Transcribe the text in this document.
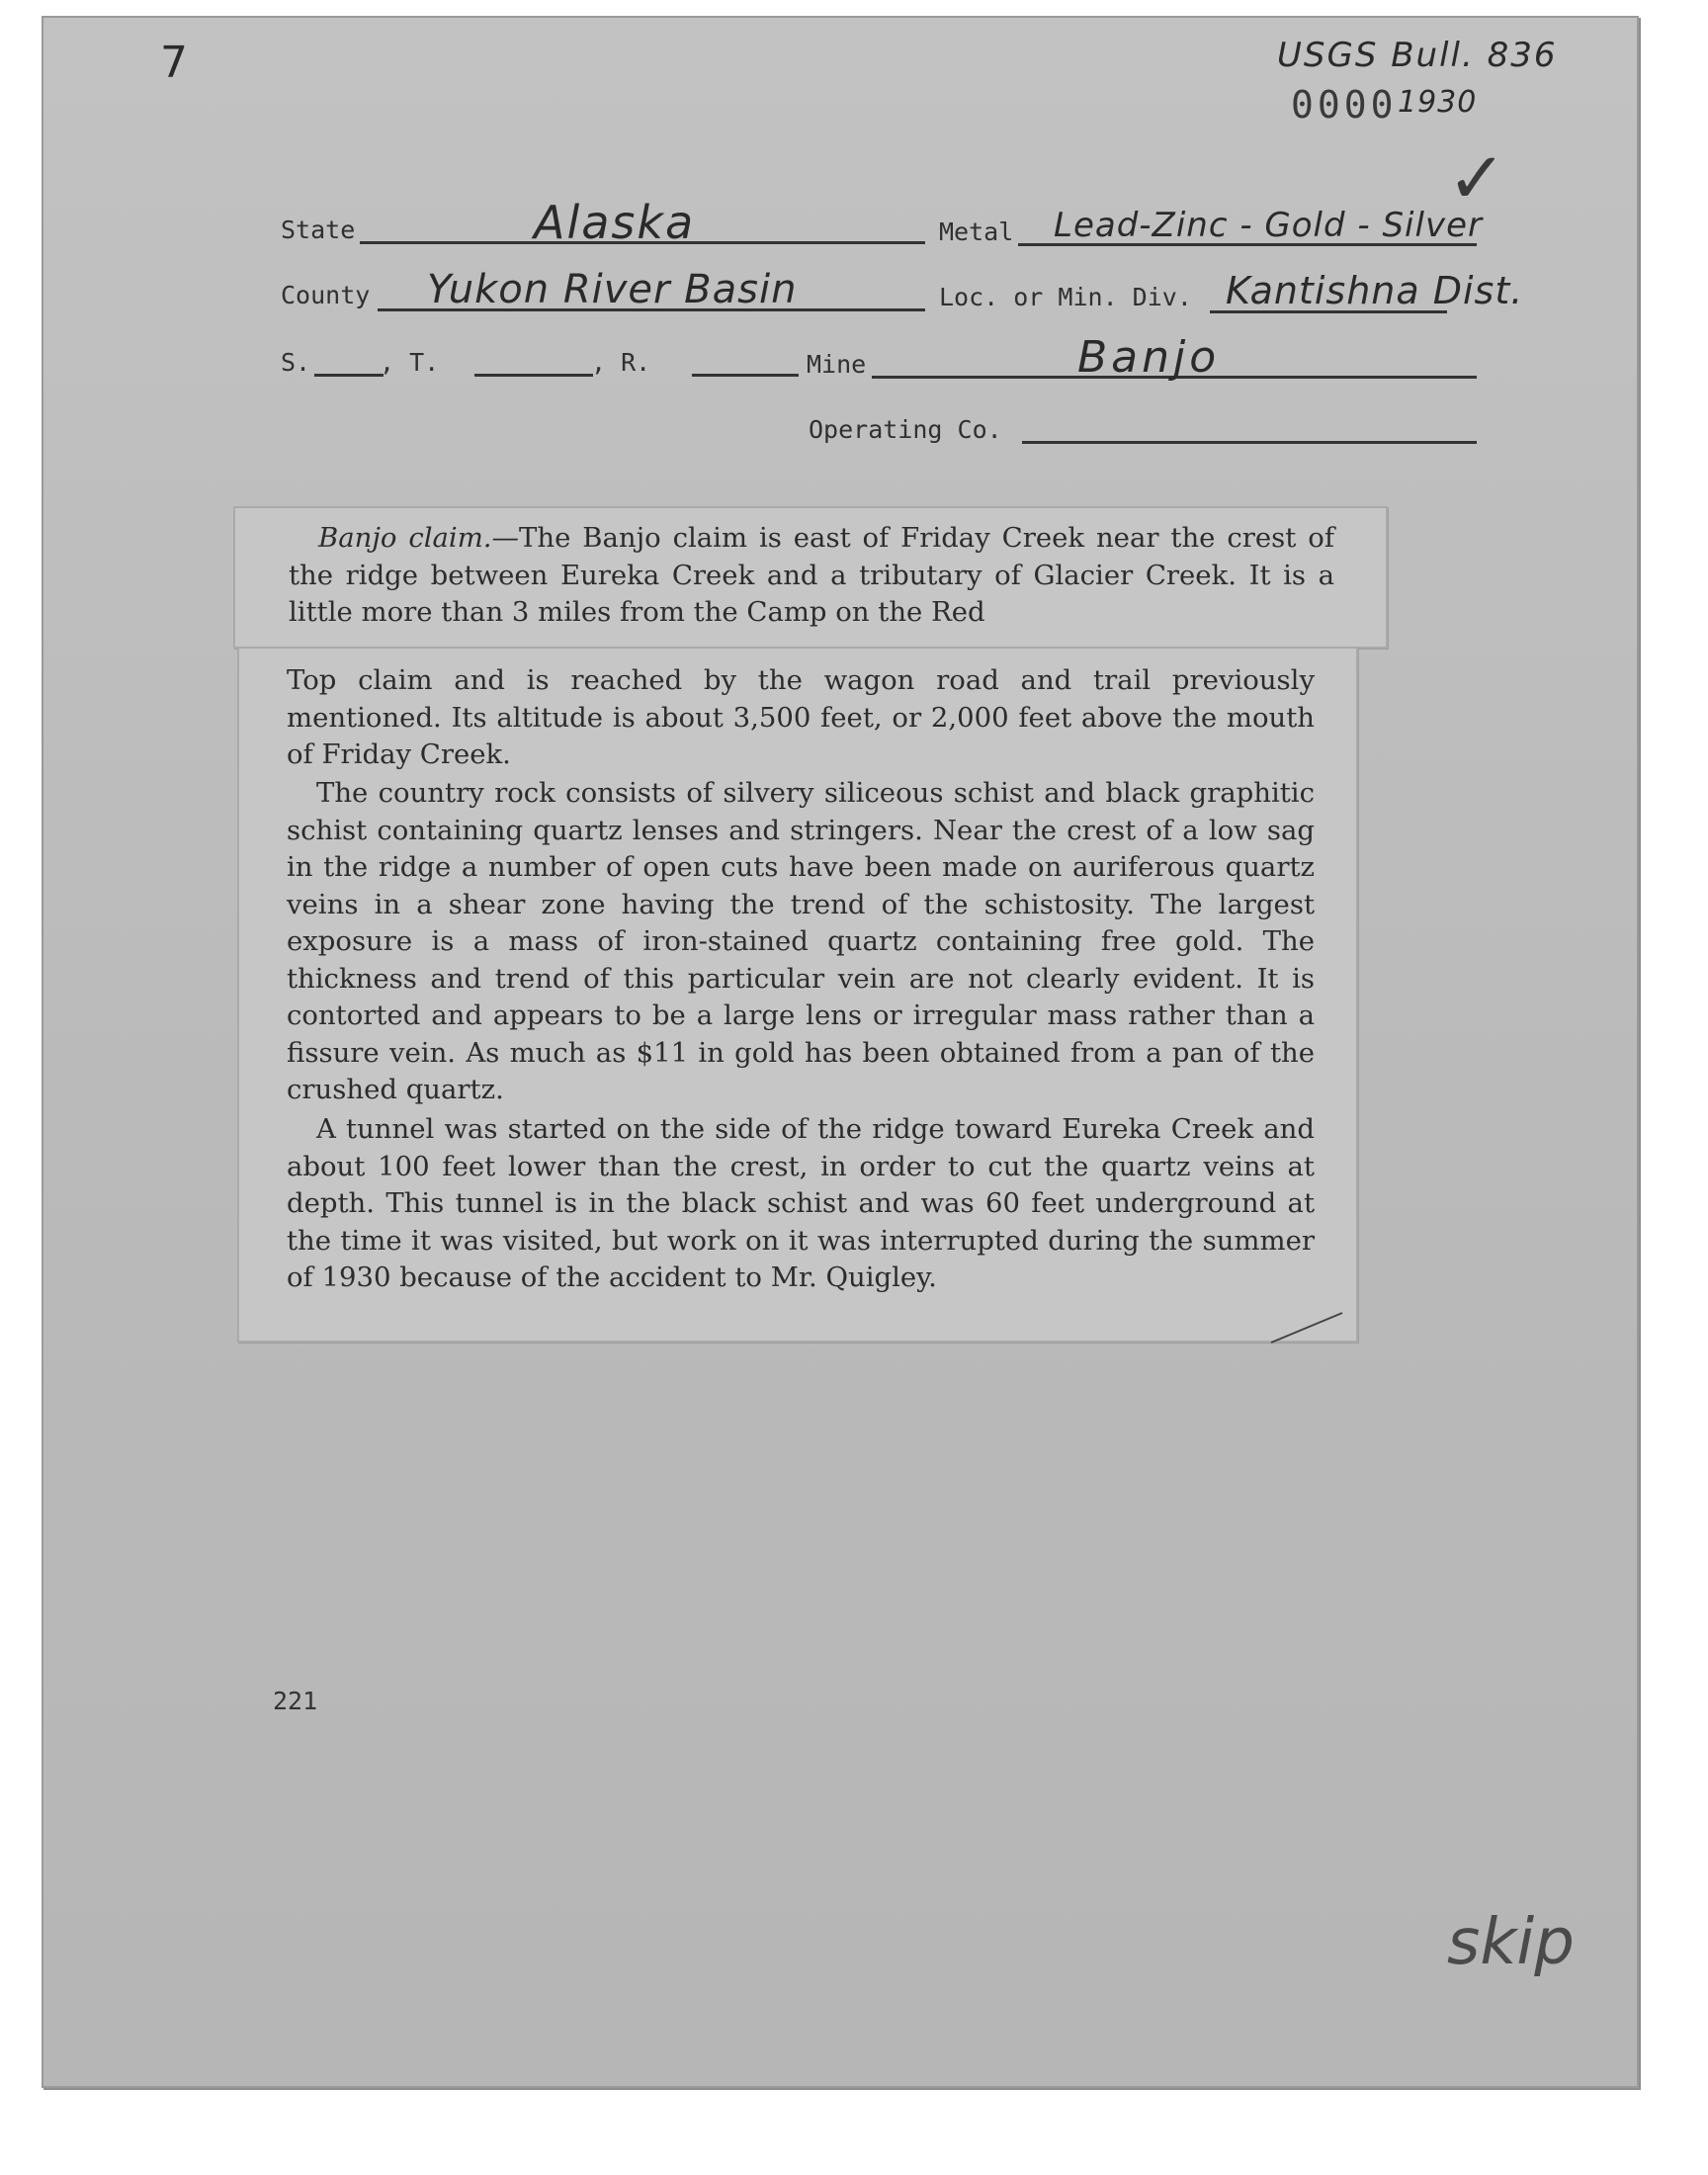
7	USGS Bull. 836
0000 1930
✓
State	Alaska	Metal Lead-Zinc - Gold - Silver
County Yukon River Basin	Loc. or Min. Div. Kantishna Dist.
S.	, T.	, R.	Mine	Banjo
Operating Co.

Banjo claim.—The Banjo claim is east of Friday Creek near the crest of the ridge between Eureka Creek and a tributary of Glacier Creek. It is a little more than 3 miles from the Camp on the Red

Top claim and is reached by the wagon road and trail previously mentioned. Its altitude is about 3,500 feet, or 2,000 feet above the mouth of Friday Creek.

The country rock consists of silvery siliceous schist and black graphitic schist containing quartz lenses and stringers. Near the crest of a low sag in the ridge a number of open cuts have been made on auriferous quartz veins in a shear zone having the trend of the schistosity. The largest exposure is a mass of iron-stained quartz containing free gold. The thickness and trend of this particular vein are not clearly evident. It is contorted and appears to be a large lens or irregular mass rather than a fissure vein. As much as $11 in gold has been obtained from a pan of the crushed quartz.

A tunnel was started on the side of the ridge toward Eureka Creek and about 100 feet lower than the crest, in order to cut the quartz veins at depth. This tunnel is in the black schist and was 60 feet underground at the time it was visited, but work on it was interrupted during the summer of 1930 because of the accident to Mr. Quigley.

221
skip
